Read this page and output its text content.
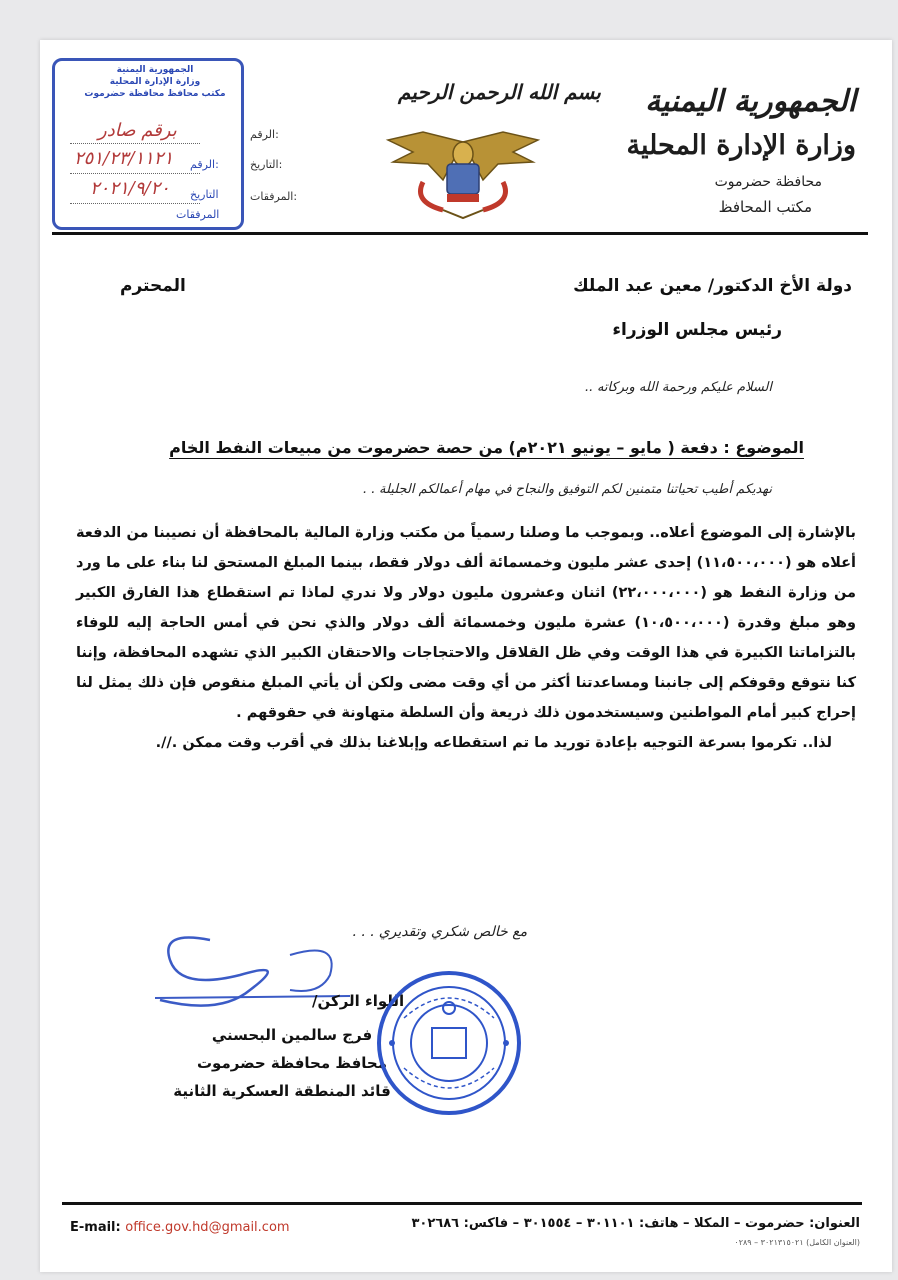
الجمهورية اليمنية
وزارة الإدارة المحلية
محافظة حضرموت
مكتب المحافظ
بسم الله الرحمن الرحيم
الجمهورية اليمنية
وزارة الإدارة المحلية
مكتب محافظ محافظة حضرموت
الرقم:
برقم صادر
الرقم:	التاريخ:
٢٥١/٢٣/١١٢١
التاريخ	المرفقات:
٢٠٢١/٩/٢٠
المرفقات
دولة الأخ الدكتور/ معين عبد الملك
المحترم
رئيس مجلس الوزراء
السلام عليكم ورحمة الله وبركاته ..
الموضوع : دفعة ( مايو – يونيو ٢٠٢١م) من حصة حضرموت من مبيعات النفط الخام
نهديكم أطيب تحياتنا متمنين لكم التوفيق والنجاح في مهام أعمالكم الجليلة . .
بالإشارة إلى الموضوع أعلاه.. وبموجب ما وصلنا رسمياً من مكتب وزارة المالية بالمحافظة أن نصيبنا من الدفعة أعلاه هو (١١،٥٠٠،٠٠٠) إحدى عشر مليون وخمسمائة ألف دولار فقط، بينما المبلغ المستحق لنا بناء على ما ورد من وزارة النفط هو (٢٢،٠٠٠،٠٠٠) اثنان وعشرون مليون دولار ولا ندري لماذا تم استقطاع هذا الفارق الكبير وهو مبلغ وقدرة (١٠،٥٠٠،٠٠٠) عشرة مليون وخمسمائة ألف دولار والذي نحن في أمس الحاجة إليه للوفاء بالتزاماتنا الكبيرة في هذا الوقت وفي ظل القلاقل والاحتجاجات والاحتقان الكبير الذي تشهده المحافظة، وإننا كنا نتوقع وقوفكم إلى جانبنا ومساعدتنا أكثر من أي وقت مضى ولكن أن يأتي المبلغ منقوص فإن ذلك يمثل لنا إحراج كبير أمام المواطنين وسيستخدمون ذلك ذريعة وأن السلطة متهاونة في حقوقهم .
لذا.. تكرموا بسرعة التوجيه بإعادة توريد ما تم استقطاعه وإبلاغنا بذلك في أقرب وقت ممكن .//.
مع خالص شكري وتقديري . . .
اللواء الركن/
فرج سالمين البحسني
محافظ محافظة حضرموت
قائد المنطقة العسكرية الثانية
العنوان: حضرموت – المكلا – هاتف: ٣٠١١٠١ – ٣٠١٥٥٤ – فاكس: ٣٠٢٦٨٦
(العنوان الكامل) ٣٠٢١٣١٥٠٢١ – ٠٢٨٩
E-mail: office.gov.hd@gmail.com
